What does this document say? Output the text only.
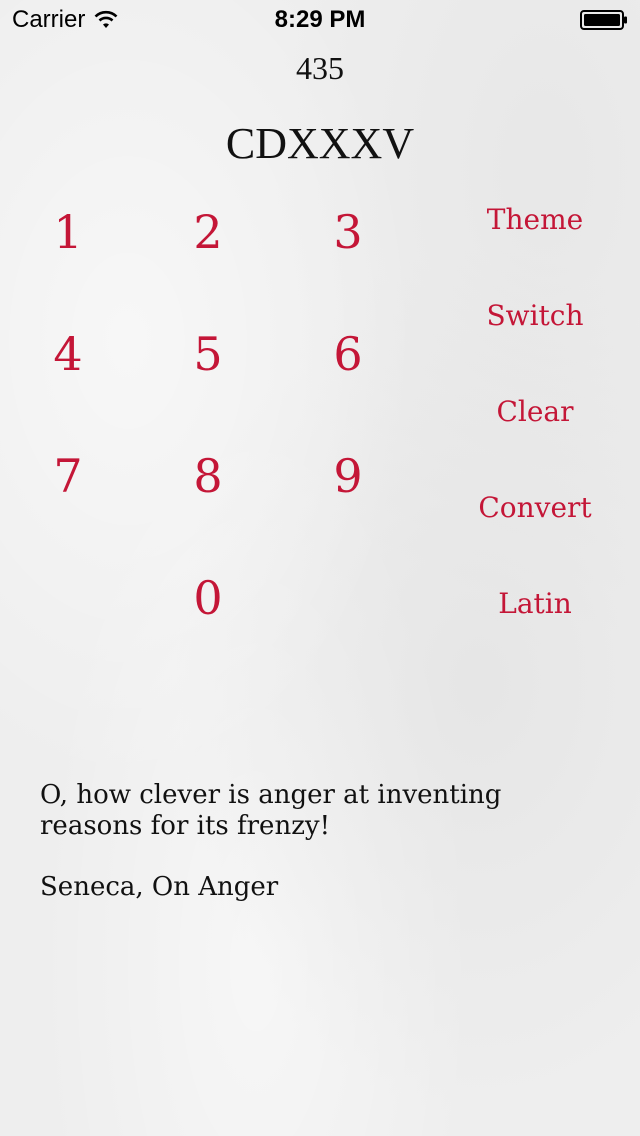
Carrier	8:29 PM
435
CDXXXV
1	2	3
4	5	6
7	8	9
0
Theme
Switch
Clear
Convert
Latin
O, how clever is anger at inventing reasons for its frenzy!
Seneca, On Anger
